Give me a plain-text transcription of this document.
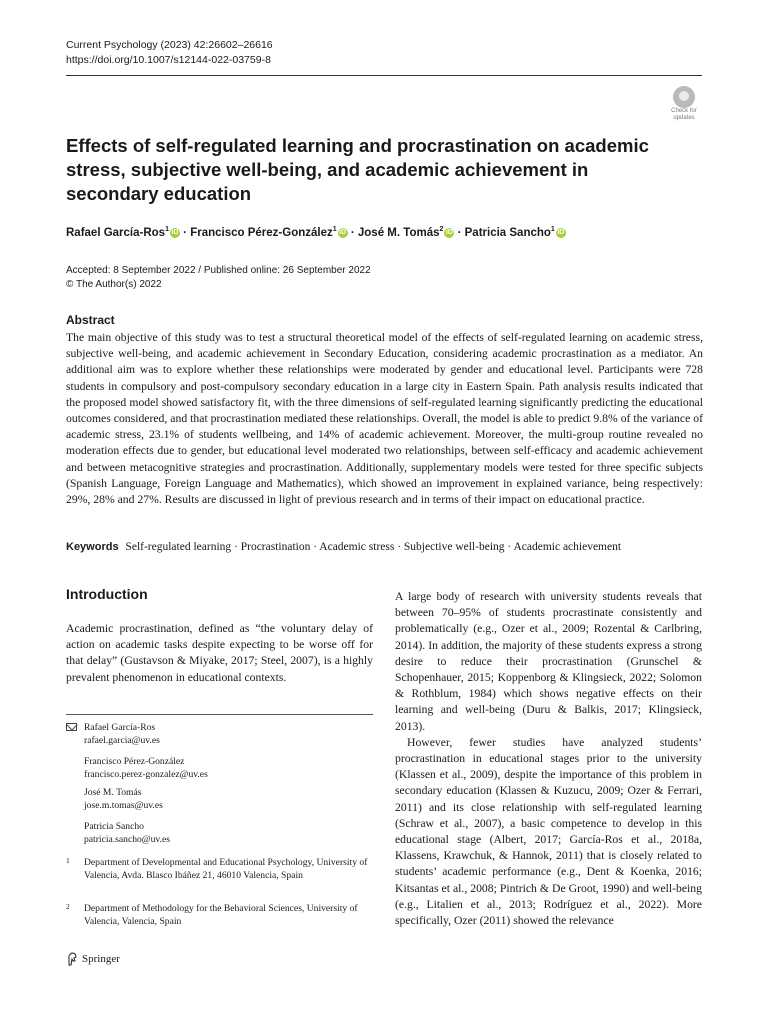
Current Psychology (2023) 42:26602–26616
https://doi.org/10.1007/s12144-022-03759-8
Check for updates
Effects of self-regulated learning and procrastination on academic stress, subjective well-being, and academic achievement in secondary education
Rafael García-Ros$^1$ iD · Francisco Pérez-González$^1$ iD · José M. Tomás$^2$ iD · Patricia Sancho$^1$ iD
Accepted: 8 September 2022 / Published online: 26 September 2022
© The Author(s) 2022
Abstract

The main objective of this study was to test a structural theoretical model of the effects of self-regulated learning on academic stress, subjective well-being, and academic achievement in Secondary Education, considering academic procrastination as a mediator. An additional aim was to explore whether these relationships were moderated by gender and educational level. Participants were 728 students in compulsory and post-compulsory secondary education in a large city in Eastern Spain. Path analysis results indicated that the proposed model showed satisfactory fit, with the three dimensions of self-regulated learning significantly predicting the educational outcomes considered, and that procrastination mediated these relationships. Overall, the model is able to predict 9.8% of the variance of academic stress, 23.1% of students wellbeing, and 14% of academic achievement. Moreover, the multi-group routine revealed no moderation effects due to gender, but educational level moderated two relationships, between self-efficacy and academic achievement and between metacognitive strategies and procrastination. Additionally, supplementary models were tested for three specific subjects (Spanish Language, Foreign Language and Mathematics), which showed an improvement in explained variance, being respectively: 29%, 28% and 27%. Results are discussed in light of previous research and in terms of their impact on educational practice.

Keywords Self-regulated learning · Procrastination · Academic stress · Subjective well-being · Academic achievement
Introduction

Academic procrastination, defined as “the voluntary delay of action on academic tasks despite expecting to be worse off for that delay” (Gustavson & Miyake, 2017; Steel, 2007), is a highly prevalent phenomenon in educational contexts.

Rafael García-Ros
rafael.garcia@uv.es
Francisco Pérez-González
francisco.perez-gonzalez@uv.es
José M. Tomás
jose.m.tomas@uv.es
Patricia Sancho
patricia.sancho@uv.es
1 Department of Developmental and Educational Psychology, University of Valencia, Avda. Blasco Ibáñez 21, 46010 Valencia, Spain
2 Department of Methodology for the Behavioral Sciences, University of Valencia, Valencia, Spain

A large body of research with university students reveals that between 70–95% of students procrastinate consistently and problematically (e.g., Ozer et al., 2009; Rozental & Carlbring, 2014). In addition, the majority of these students express a strong desire to reduce their procrastination (Grunschel & Schopenhauer, 2015; Koppenborg & Klingsieck, 2022; Solomon & Rothblum, 1984) which shows negative effects on their learning and well-being (Duru & Balkis, 2017; Klingsieck, 2013).

However, fewer studies have analyzed students’ procrastination in educational stages prior to the university (Klassen et al., 2009), despite the importance of this problem in secondary education (Klassen & Kuzucu, 2009; Ozer & Ferrari, 2011) and its close relationship with self-regulated learning (Schraw et al., 2007), a basic competence to develop in this educational stage (Albert, 2017; García-Ros et al., 2018a, Klassens, Krawchuk, & Hannok, 2011) that is closely related to students’ academic performance (e.g., Dent & Koenka, 2016; Kitsantas et al., 2008; Pintrich & De Groot, 1990) and well-being (e.g., Litalien et al., 2013; Rodríguez et al., 2022). More specifically, Ozer (2011) showed the relevance

Springer
